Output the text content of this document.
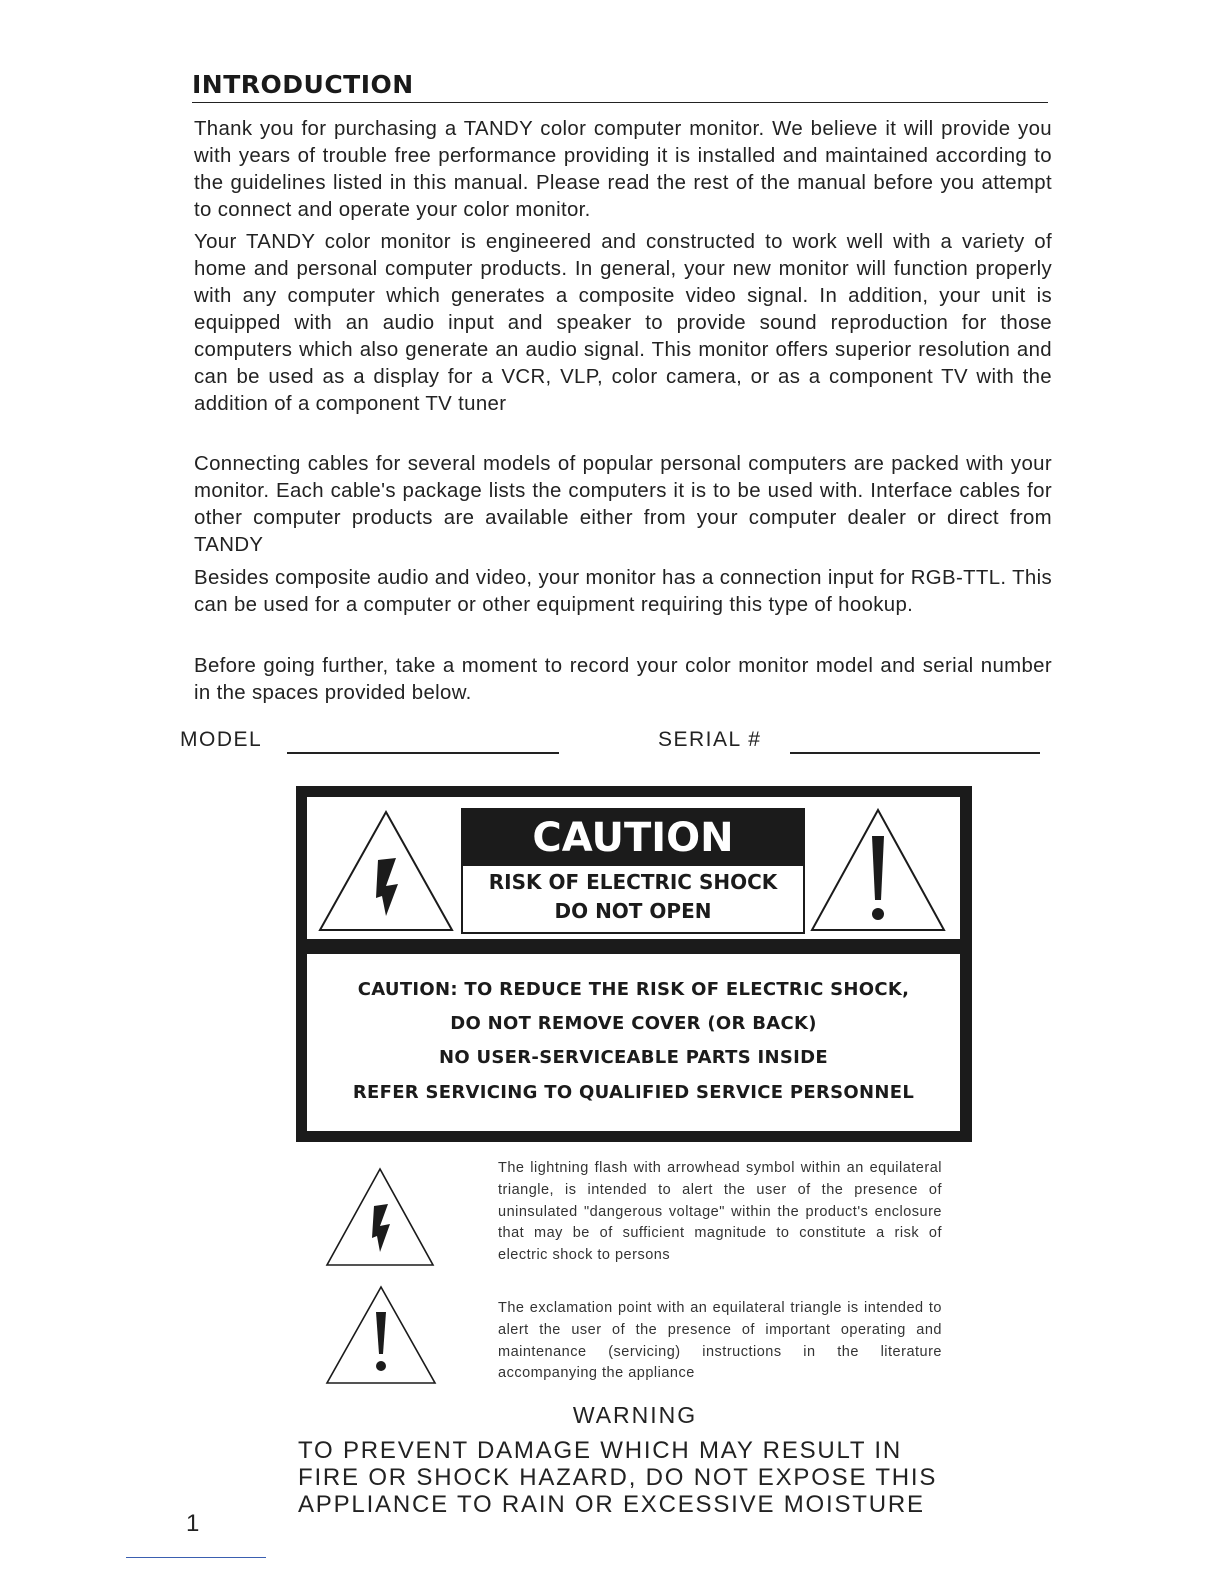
INTRODUCTION

Thank you for purchasing a TANDY color computer monitor. We believe it will provide you with years of trouble free performance providing it is installed and maintained according to the guidelines listed in this manual. Please read the rest of the manual before you attempt to connect and operate your color monitor.

Your TANDY color monitor is engineered and constructed to work well with a variety of home and personal computer products. In general, your new monitor will function properly with any computer which generates a composite video signal. In addition, your unit is equipped with an audio input and speaker to provide sound reproduction for those computers which also generate an audio signal. This monitor offers superior resolution and can be used as a display for a VCR, VLP, color camera, or as a component TV with the addition of a component TV tuner

Connecting cables for several models of popular personal computers are packed with your monitor. Each cable's package lists the computers it is to be used with. Interface cables for other computer products are available either from your computer dealer or direct from TANDY

Besides composite audio and video, your monitor has a connection input for RGB-TTL. This can be used for a computer or other equipment requiring this type of hookup.

Before going further, take a moment to record your color monitor model and serial number in the spaces provided below.

MODEL	SERIAL #
CAUTION
RISK OF ELECTRIC SHOCK
DO NOT OPEN
CAUTION: TO REDUCE THE RISK OF ELECTRIC SHOCK,
DO NOT REMOVE COVER (OR BACK)
NO USER-SERVICEABLE PARTS INSIDE
REFER SERVICING TO QUALIFIED SERVICE PERSONNEL

The lightning flash with arrowhead symbol within an equilateral triangle, is intended to alert the user of the presence of uninsulated "dangerous voltage" within the product's enclosure that may be of sufficient magnitude to constitute a risk of electric shock to persons

The exclamation point with an equilateral triangle is intended to alert the user of the presence of important operating and maintenance (servicing) instructions in the literature accompanying the appliance

WARNING
TO PREVENT DAMAGE WHICH MAY RESULT IN
FIRE OR SHOCK HAZARD, DO NOT EXPOSE THIS
APPLIANCE TO RAIN OR EXCESSIVE MOISTURE
1
